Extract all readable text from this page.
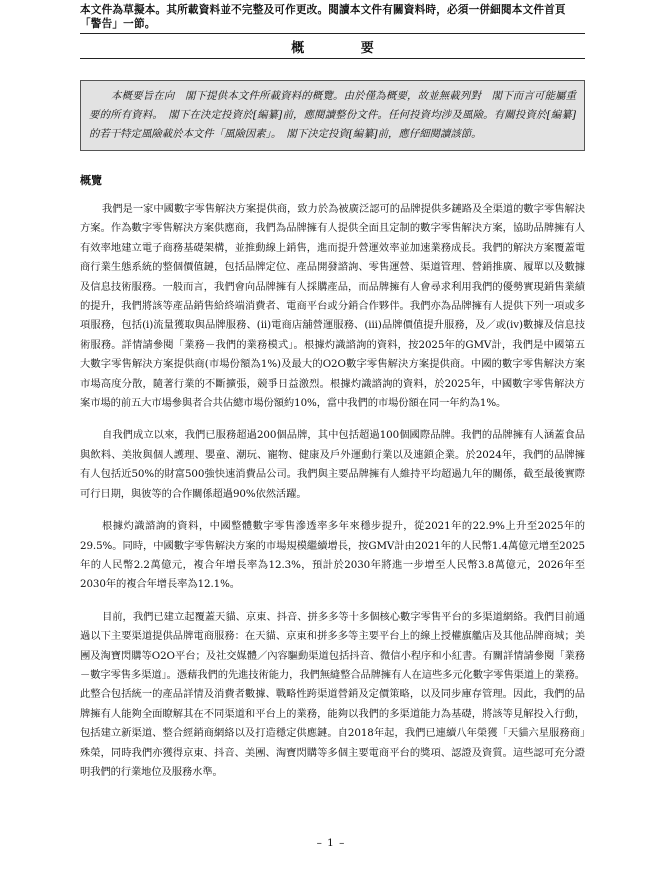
本文件為草擬本。其所載資料並不完整及可作更改。閱讀本文件有關資料時，必須一併細閱本文件首頁「警告」一節。
概 要
本概要旨在向　閣下提供本文件所載資料的概覽。由於僅為概要，故並無載列對　閣下而言可能屬重要的所有資料。　閣下在決定投資於[編纂]前，應閱讀整份文件。任何投資均涉及風險。有關投資於[編纂]的若干特定風險載於本文件「風險因素」。　閣下決定投資[編纂]前，應仔細閱讀該節。
概覽

我們是一家中國數字零售解決方案提供商，致力於為被廣泛認可的品牌提供多鏈路及全渠道的數字零售解決方案。作為數字零售解決方案供應商，我們為品牌擁有人提供全面且定制的數字零售解決方案，協助品牌擁有人有效率地建立電子商務基礎架構，並推動線上銷售，進而提升營運效率並加速業務成長。我們的解決方案覆蓋電商行業生態系統的整個價值鏈，包括品牌定位、產品開發諮詢、零售運營、渠道管理、營銷推廣、履單以及數據及信息技術服務。一般而言，我們會向品牌擁有人採購產品，而品牌擁有人會尋求利用我們的優勢實現銷售業績的提升，我們將該等產品銷售給終端消費者、電商平台或分銷合作夥伴。我們亦為品牌擁有人提供下列一項或多項服務，包括(i)流量獲取與品牌服務、(ii)電商店舖營運服務、(iii)品牌價值提升服務，及／或(iv)數據及信息技術服務。詳情請參閱「業務－我們的業務模式」。根據灼識諮詢的資料，按2025年的GMV計，我們是中國第五大數字零售解決方案提供商(市場份額為1%)及最大的O2O數字零售解決方案提供商。中國的數字零售解決方案市場高度分散，隨著行業的不斷擴張，競爭日益激烈。根據灼識諮詢的資料，於2025年，中國數字零售解決方案市場的前五大市場參與者合共佔總市場份額約10%，當中我們的市場份額在同一年約為1%。

自我們成立以來，我們已服務超過200個品牌，其中包括超過100個國際品牌。我們的品牌擁有人涵蓋食品與飲料、美妝與個人護理、嬰童、潮玩、寵物、健康及戶外運動行業以及連鎖企業。於2024年，我們的品牌擁有人包括近50%的財富500強快速消費品公司。我們與主要品牌擁有人維持平均超過九年的關係，截至最後實際可行日期，與彼等的合作關係超過90%依然活躍。

根據灼識諮詢的資料，中國整體數字零售滲透率多年來穩步提升，從2021年的22.9%上升至2025年的29.5%。同時，中國數字零售解決方案的市場規模繼續增長，按GMV計由2021年的人民幣1.4萬億元增至2025年的人民幣2.2萬億元，複合年增長率為12.3%，預計於2030年將進一步增至人民幣3.8萬億元，2026年至2030年的複合年增長率為12.1%。

目前，我們已建立起覆蓋天貓、京東、抖音、拼多多等十多個核心數字零售平台的多渠道網絡。我們目前通過以下主要渠道提供品牌電商服務：在天貓、京東和拼多多等主要平台上的線上授權旗艦店及其他品牌商城；美團及淘寶閃購等O2O平台；及社交媒體／內容驅動渠道包括抖音、微信小程序和小紅書。有關詳情請參閱「業務－數字零售多渠道」。憑藉我們的先進技術能力，我們無縫整合品牌擁有人在這些多元化數字零售渠道上的業務。此整合包括統一的產品詳情及消費者數據、戰略性跨渠道營銷及定價策略，以及同步庫存管理。因此，我們的品牌擁有人能夠全面瞭解其在不同渠道和平台上的業務，能夠以我們的多渠道能力為基礎，將該等見解投入行動，包括建立新渠道、整合經銷商網絡以及打造穩定供應鏈。自2018年起，我們已連續八年榮獲「天貓六星服務商」殊榮，同時我們亦獲得京東、抖音、美團、淘寶閃購等多個主要電商平台的獎項、認證及資質。這些認可充分證明我們的行業地位及服務水準。

– 1 –
